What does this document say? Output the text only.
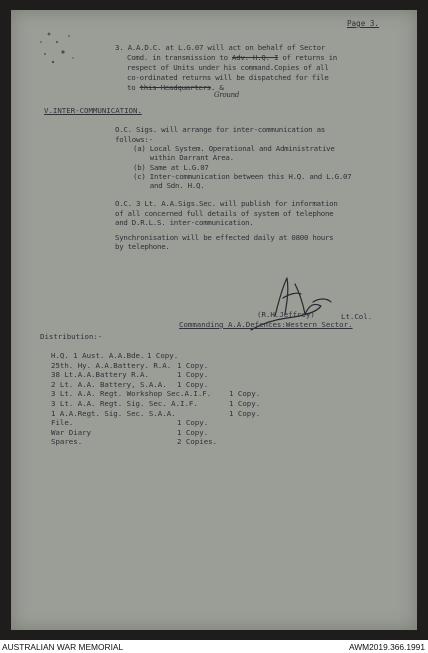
Page 3.
3. A.A.D.C. at L.G.07 will act on behalf of Sector
Comd. in transmission to Adv. H.Q. I of returns in
respect of Units under his command.Copies of all
co-ordinated returns will be dispatched for file
to this Headquarters. &
Ground
V.INTER-COMMUNICATION.
O.C. Sigs. will arrange for inter-communication as
follows:-
(a) Local System. Operational and Administrative
within Darrant Area.
(b) Same at L.G.07
(c) Inter-communication between this H.Q. and L.G.07
and Sdn. H.Q.
O.C. 3 Lt. A.A.Sigs.Sec. will publish for information
of all concerned full details of system of telephone
and D.R.L.S. inter-communication.
Synchronisation will be effected daily at 0800 hours
by telephone.
Lt.Col.
(R.H.Jeffrey)
Commanding A.A.Defences:Western Sector.
Distribution:-
H.Q. 1 Aust. A.A.Bde. 1 Copy.
25th. Hy. A.A.Battery. R.A. 1 Copy.
38 Lt.A.A.Battery R.A.	1 Copy.
2 Lt. A.A. Battery, S.A.A. 1 Copy.
3 Lt. A.A. Regt. Workshop Sec.A.I.F. 1 Copy.
3 Lt. A.A. Regt. Sig. Sec. A.I.F.	1 Copy.
1 A.A.Regt. Sig. Sec. S.A.A.	1 Copy.
File.	1 Copy.
War Diary	1 Copy.
Spares.	2 Copies.
AUSTRALIAN WAR MEMORIAL	AWM2019.366.1991
